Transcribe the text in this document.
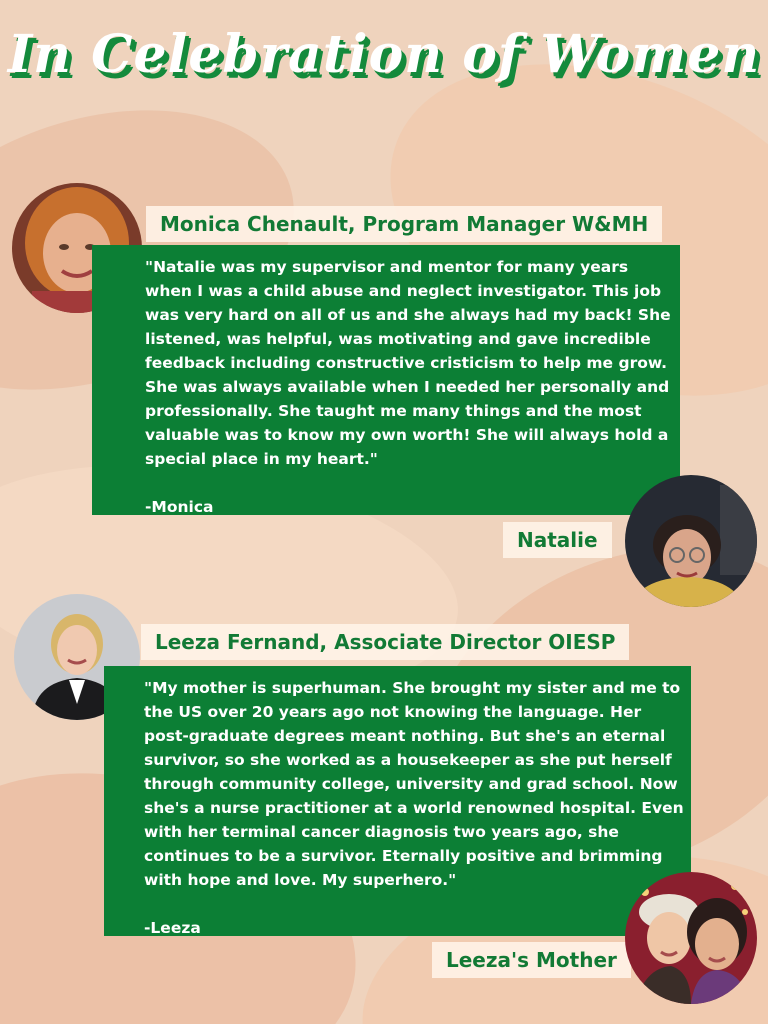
In Celebration of Women
Monica Chenault, Program Manager W&MH

"Natalie was my supervisor and mentor for many years when I was a child abuse and neglect investigator. This job was very hard on all of us and she always had my back! She listened, was helpful, was motivating and gave incredible feedback including constructive cristicism to help me grow. She was always available when I needed her personally and professionally. She taught me many things and the most valuable was to know my own worth! She will always hold a special place in my heart."

-Monica

Natalie
Leeza Fernand, Associate Director OIESP

"My mother is superhuman. She brought my sister and me to the US over 20 years ago not knowing the language. Her post-graduate degrees meant nothing. But she's an eternal survivor, so she worked as a housekeeper as she put herself through community college, university and grad school. Now she's a nurse practitioner at a world renowned hospital. Even with her terminal cancer diagnosis two years ago, she continues to be a survivor. Eternally positive and brimming with hope and love. My superhero."

-Leeza

Leeza's Mother
